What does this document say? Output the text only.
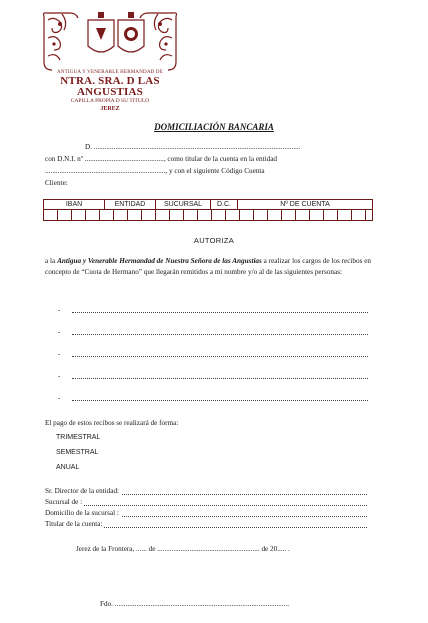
ANTIGUA Y VENERABLE HERMANDAD DE
NTRA. SRA. D LAS ANGUSTIAS
CAPILLA PROPIA D SU TITULO
JEREZ
DOMICILIACIÓN BANCARIA
D. ...................................................................................................................
con D.N.I. nº ............................................, como titular de la cuenta en la entidad
..................................................................., y con el siguiente Código Cuenta
Cliente:
IBAN	ENTIDAD	SUCURSAL	D.C.	Nº DE CUENTA

AUTORIZA
a la Antigua y Venerable Hermandad de Nuestra Señora de las Angustias a realizar los cargos de los recibos en concepto de “Cuota de Hermano” que llegarán remitidos a mi nombre y/o al de las siguientes personas:
-
-
-
-
-
El pago de estos recibos se realizará de forma:
TRIMESTRAL
SEMESTRAL
ANUAL
Sr. Director de la entidad:
Sucursal de :
Domicilio de la sucursal :
Titular de la cuenta:
Jerez de la Frontera, ...... de ......................................................... de 20..... .
Fdo. .................................................................................................
